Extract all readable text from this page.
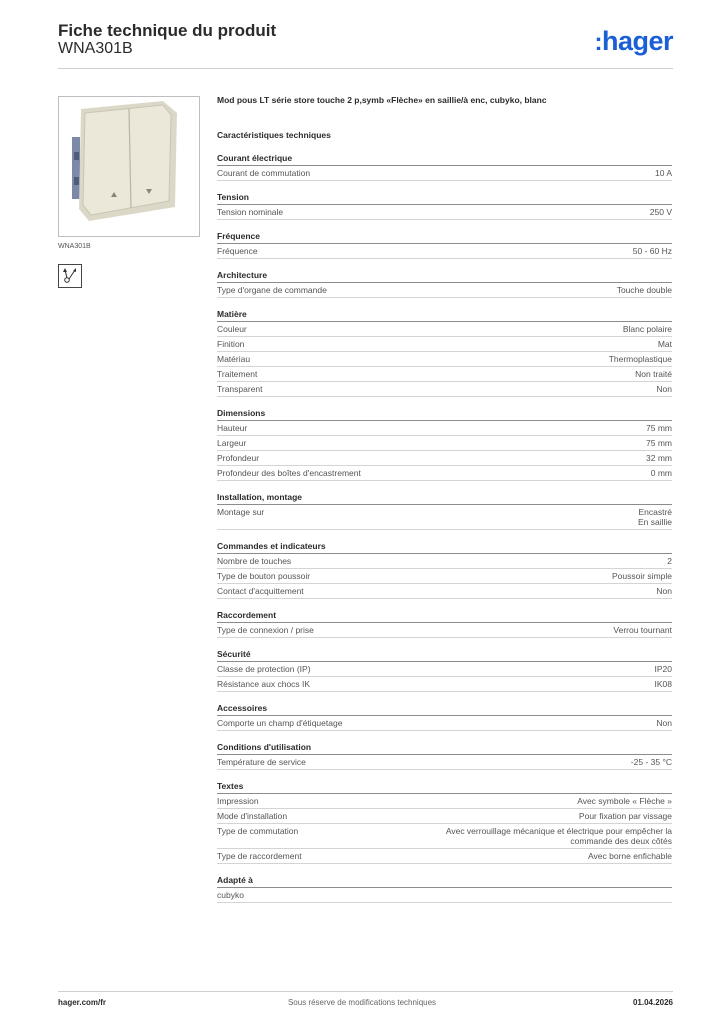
Fiche technique du produit
WNA301B	:hager
WNA301B
Mod pous LT série store touche 2 p,symb «Flèche» en saillie/à enc, cubyko, blanc
Caractéristiques techniques
Courant électrique
Courant de commutation	10 A
Tension
Tension nominale	250 V
Fréquence
Fréquence	50 - 60 Hz
Architecture
Type d'organe de commande	Touche double
Matière
Couleur	Blanc polaire
Finition	Mat
Matériau	Thermoplastique
Traitement	Non traité
Transparent	Non
Dimensions
Hauteur	75 mm
Largeur	75 mm
Profondeur	32 mm
Profondeur des boîtes d'encastrement	0 mm
Installation, montage
Montage sur	Encastré
En saillie
Commandes et indicateurs
Nombre de touches	2
Type de bouton poussoir	Poussoir simple
Contact d'acquittement	Non
Raccordement
Type de connexion / prise	Verrou tournant
Sécurité
Classe de protection (IP)	IP20
Résistance aux chocs IK	IK08
Accessoires
Comporte un champ d'étiquetage	Non
Conditions d'utilisation
Température de service	-25 - 35 °C
Textes
Impression	Avec symbole « Flèche »
Mode d'installation	Pour fixation par vissage
Type de commutation	Avec verrouillage mécanique et électrique pour empêcher la
commande des deux côtés
Type de raccordement	Avec borne enfichable
Adapté à
cubyko
hager.com/fr	Sous réserve de modifications techniques	01.04.2026
